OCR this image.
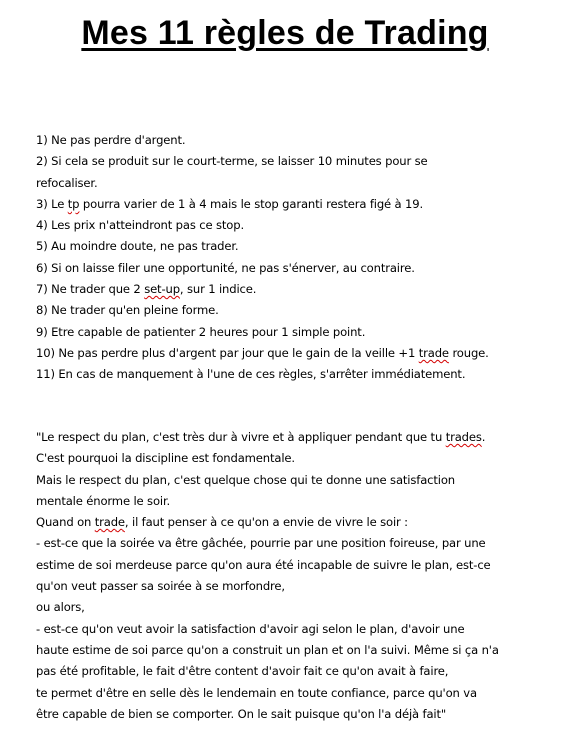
Mes 11 règles de Trading
1) Ne pas perdre d'argent.
2) Si cela se produit sur le court-terme, se laisser 10 minutes pour se
refocaliser.
3) Le tp pourra varier de 1 à 4 mais le stop garanti restera figé à 19.
4) Les prix n'atteindront pas ce stop.
5) Au moindre doute, ne pas trader.
6) Si on laisse filer une opportunité, ne pas s'énerver, au contraire.
7) Ne trader que 2 set-up, sur 1 indice.
8) Ne trader qu'en pleine forme.
9) Etre capable de patienter 2 heures pour 1 simple point.
10) Ne pas perdre plus d'argent par jour que le gain de la veille +1 trade rouge.
11) En cas de manquement à l'une de ces règles, s'arrêter immédiatement.
"Le respect du plan, c'est très dur à vivre et à appliquer pendant que tu trades.
C'est pourquoi la discipline est fondamentale.
Mais le respect du plan, c'est quelque chose qui te donne une satisfaction
mentale énorme le soir.
Quand on trade, il faut penser à ce qu'on a envie de vivre le soir :
- est-ce que la soirée va être gâchée, pourrie par une position foireuse, par une
estime de soi merdeuse parce qu'on aura été incapable de suivre le plan, est-ce
qu'on veut passer sa soirée à se morfondre,
ou alors,
- est-ce qu'on veut avoir la satisfaction d'avoir agi selon le plan, d'avoir une
haute estime de soi parce qu'on a construit un plan et on l'a suivi. Même si ça n'a
pas été profitable, le fait d'être content d'avoir fait ce qu'on avait à faire,
te permet d'être en selle dès le lendemain en toute confiance, parce qu'on va
être capable de bien se comporter. On le sait puisque qu'on l'a déjà fait"
